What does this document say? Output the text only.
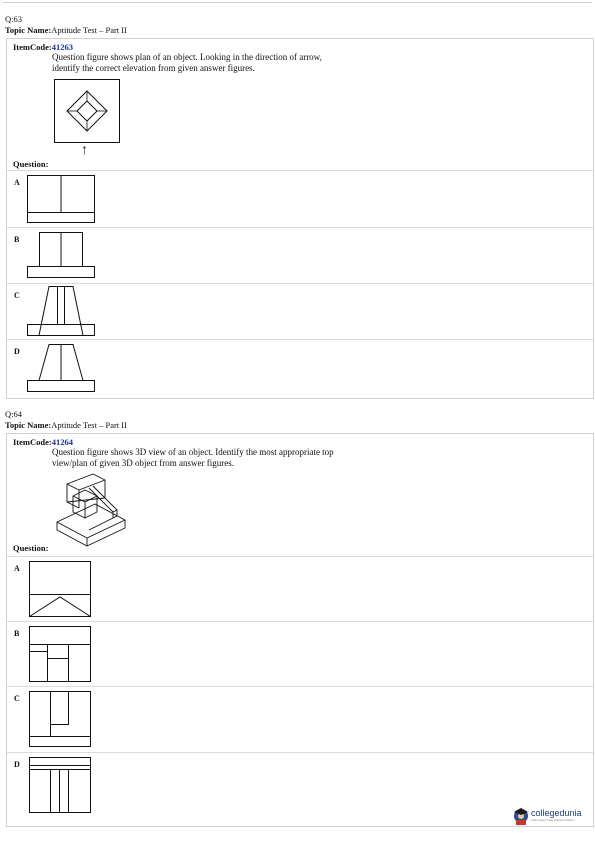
Q:63
Topic Name:Aptitude Test – Part II
ItemCode:41263
Question figure shows plan of an object. Looking in the direction of arrow,
identify the correct elevation from given answer figures.
↑
Question:
A
B
C
D
Q:64
Topic Name:Aptitude Test – Part II
ItemCode:41264
Question figure shows 3D view of an object. Identify the most appropriate top
view/plan of given 3D object from answer figures.
Question:
A
B
C
D
collegedunia
India's largest Student Review Platform
